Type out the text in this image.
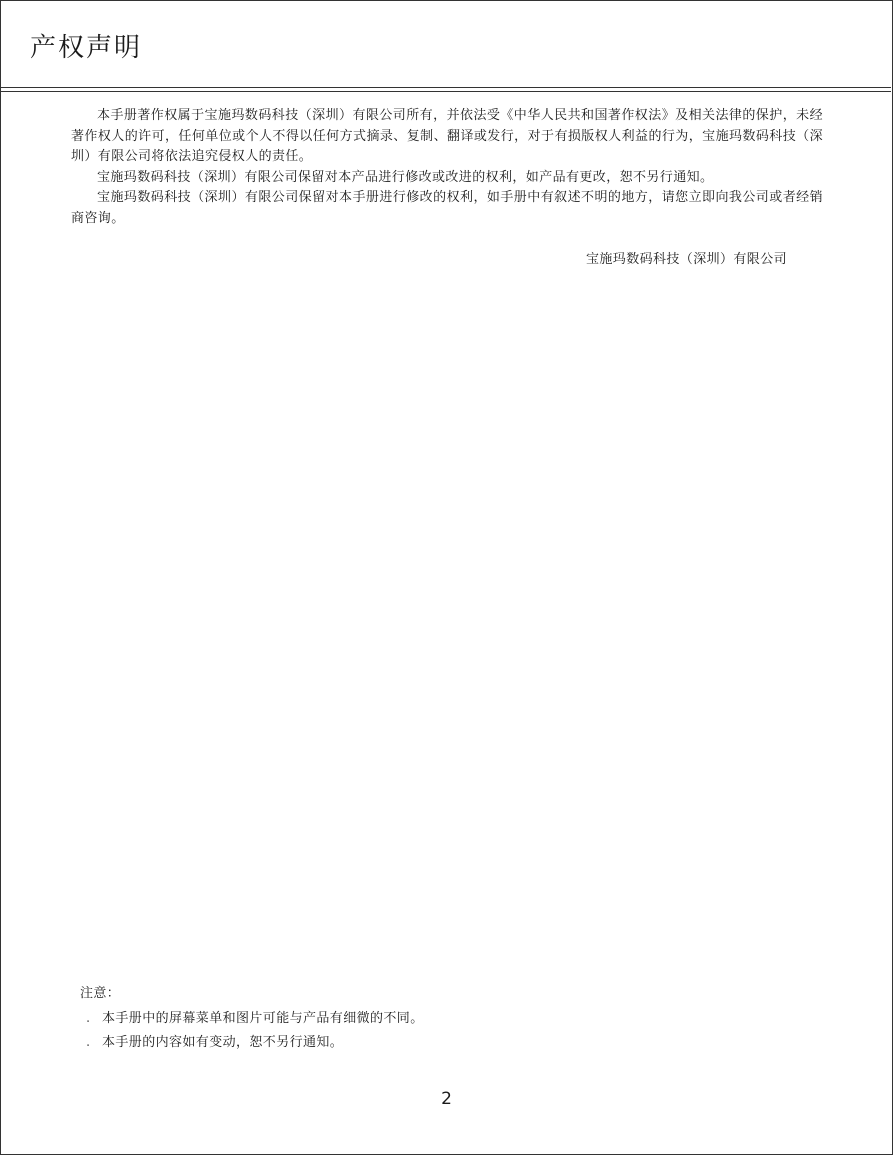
产权声明

本手册著作权属于宝施玛数码科技（深圳）有限公司所有，并依法受《中华人民共和国著作权法》及相关法律的保护，未经著作权人的许可，任何单位或个人不得以任何方式摘录、复制、翻译或发行，对于有损版权人利益的行为，宝施玛数码科技（深圳）有限公司将依法追究侵权人的责任。

宝施玛数码科技（深圳）有限公司保留对本产品进行修改或改进的权利，如产品有更改，恕不另行通知。

宝施玛数码科技（深圳）有限公司保留对本手册进行修改的权利，如手册中有叙述不明的地方，请您立即向我公司或者经销商咨询。

宝施玛数码科技（深圳）有限公司
注意：
. 本手册中的屏幕菜单和图片可能与产品有细微的不同。
. 本手册的内容如有变动，恕不另行通知。
2
